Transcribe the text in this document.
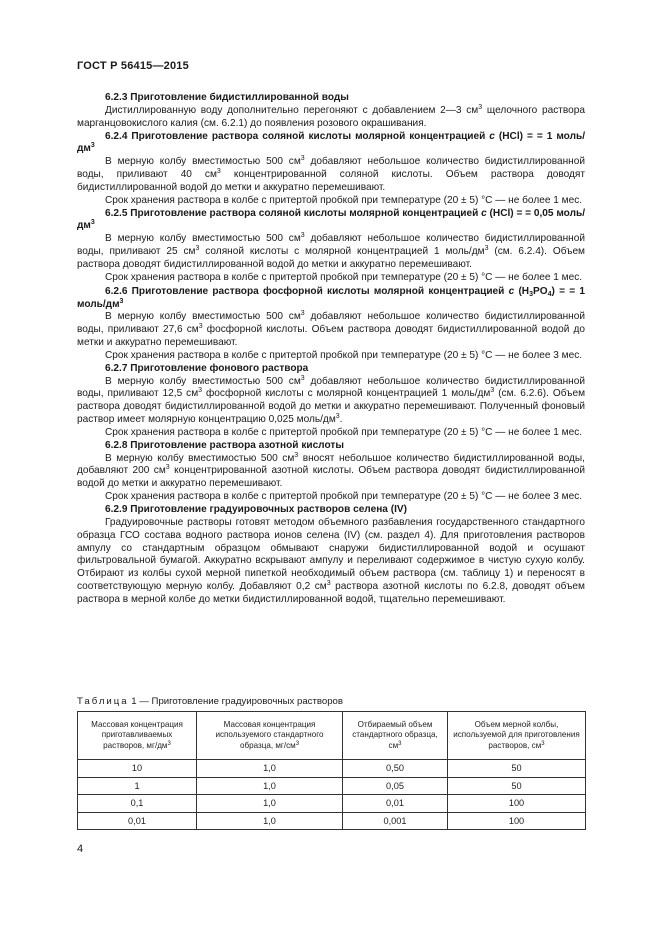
ГОСТ Р 56415—2015

6.2.3 Приготовление бидистиллированной воды

Дистиллированную воду дополнительно перегоняют с добавлением 2—3 $см^3$ щелочного раствора марганцовокислого калия (см. 6.2.1) до появления розового окрашивания.

6.2.4 Приготовление раствора соляной кислоты молярной концентрацией c (HCl) = = 1 моль/$дм^3$

В мерную колбу вместимостью 500 $см^3$ добавляют небольшое количество бидистиллированной воды, приливают 40 $см^3$ концентрированной соляной кислоты. Объем раствора доводят бидистиллированной водой до метки и аккуратно перемешивают.

Срок хранения раствора в колбе с притертой пробкой при температуре (20 ± 5) °С — не более 1 мес.

6.2.5 Приготовление раствора соляной кислоты молярной концентрацией c (HCl) = = 0,05 моль/$дм^3$

В мерную колбу вместимостью 500 $см^3$ добавляют небольшое количество бидистиллированной воды, приливают 25 $см^3$ соляной кислоты с молярной концентрацией 1 моль/$дм^3$ (см. 6.2.4). Объем раствора доводят бидистиллированной водой до метки и аккуратно перемешивают.

Срок хранения раствора в колбе с притертой пробкой при температуре (20 ± 5) °С — не более 1 мес.

6.2.6 Приготовление раствора фосфорной кислоты молярной концентрацией c $(H_3PO_4)$ = = 1 моль/$дм^3$

В мерную колбу вместимостью 500 $см^3$ добавляют небольшое количество бидистиллированной воды, приливают 27,6 $см^3$ фосфорной кислоты. Объем раствора доводят бидистиллированной водой до метки и аккуратно перемешивают.

Срок хранения раствора в колбе с притертой пробкой при температуре (20 ± 5) °С — не более 3 мес.

6.2.7 Приготовление фонового раствора

В мерную колбу вместимостью 500 $см^3$ добавляют небольшое количество бидистиллированной воды, приливают 12,5 $см^3$ фосфорной кислоты с молярной концентрацией 1 моль/$дм^3$ (см. 6.2.6). Объем раствора доводят бидистиллированной водой до метки и аккуратно перемешивают. Полученный фоновый раствор имеет молярную концентрацию 0,025 моль/$дм^3$.

Срок хранения раствора в колбе с притертой пробкой при температуре (20 ± 5) °С — не более 1 мес.

6.2.8 Приготовление раствора азотной кислоты

В мерную колбу вместимостью 500 $см^3$ вносят небольшое количество бидистиллированной воды, добавляют 200 $см^3$ концентрированной азотной кислоты. Объем раствора доводят бидистиллированной водой до метки и аккуратно перемешивают.

Срок хранения раствора в колбе с притертой пробкой при температуре (20 ± 5) °С — не более 3 мес.

6.2.9 Приготовление градуировочных растворов селена (IV)

Градуировочные растворы готовят методом объемного разбавления государственного стандартного образца ГСО состава водного раствора ионов селена (IV) (см. раздел 4). Для приготовления растворов ампулу со стандартным образцом обмывают снаружи бидистиллированной водой и осушают фильтровальной бумагой. Аккуратно вскрывают ампулу и переливают содержимое в чистую сухую колбу. Отбирают из колбы сухой мерной пипеткой необходимый объем раствора (см. таблицу 1) и переносят в соответствующую мерную колбу. Добавляют 0,2 $см^3$ раствора азотной кислоты по 6.2.8, доводят объем раствора в мерной колбе до метки бидистиллированной водой, тщательно перемешивают.

Таблица 1 — Приготовление градуировочных растворов
Массовая концентрация приготавливаемых растворов, $мг/дм^3$	Массовая концентрация используемого стандартного образца, $мг/см^3$	Отбираемый объем стандартного образца, $см^3$	Объем мерной колбы, используемой для приготовления растворов, $см^3$
10	1,0	0,50	50
1	1,0	0,05	50
0,1	1,0	0,01	100
0,01	1,0	0,001	100
4
